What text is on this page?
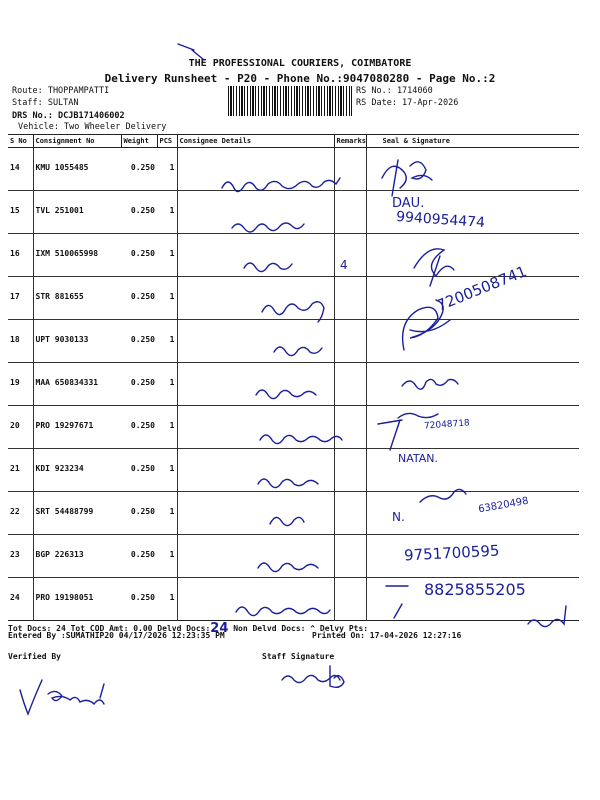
THE PROFESSIONAL COURIERS, COIMBATORE
Delivery Runsheet - P20 - Phone No.:9047080280 - Page No.:2
Route: THOPPAMPATTI
Staff: SULTAN
DRS No.: DCJB171406002
Vehicle: Two Wheeler Delivery
RS No.: 1714060
RS Date: 17-Apr-2026
S No	Consignment No	Weight	PCS	Consignee Details	Remarks	Seal & Signature
14	KMU 1055485	0.250	1			
15	TVL 251001	0.250	1			
16	IXM 510065998	0.250	1			
17	STR 881655	0.250	1			
18	UPT 9030133	0.250	1			
19	MAA 650834331	0.250	1			
20	PRO 19297671	0.250	1			
21	KDI 923234	0.250	1			
22	SRT 54488799	0.250	1			
23	BGP 226313	0.250	1			
24	PRO 19198051	0.250	1			
DAU.
9940954474
4	7200508741
72048718
NATAN.
N.
63820498
9751700595
8825855205
Tot Docs: 24 Tot COD Amt: 0.00 Delvd Docs:24 Non Delvd Docs: ^ Delvy Pts:
Entered By :SUMATHIP20 04/17/2026 12:23:35 PM	Printed On: 17-04-2026 12:27:16
Verified By	Staff Signature
